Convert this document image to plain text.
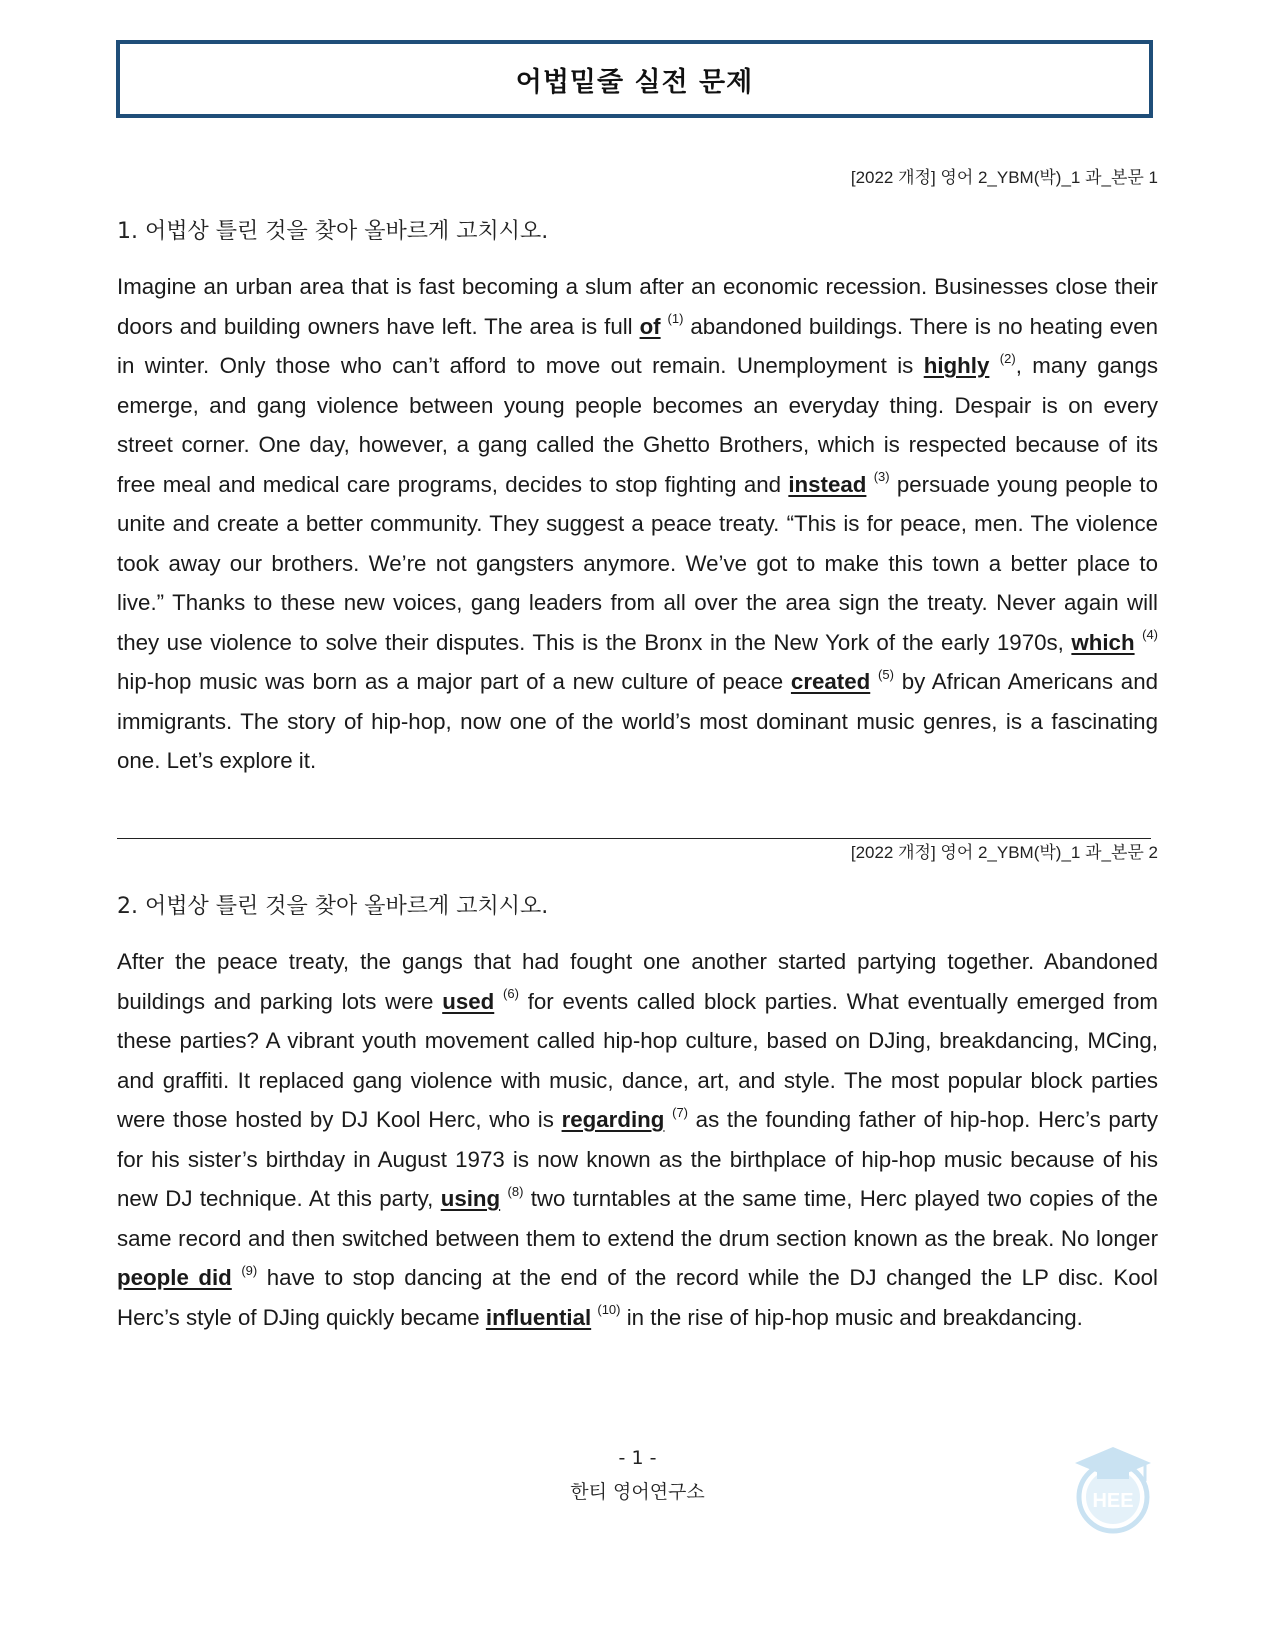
어법밑줄 실전 문제
[2022 개정] 영어 2_YBM(박)_1 과_본문 1
1. 어법상 틀린 것을 찾아 올바르게 고치시오.
Imagine an urban area that is fast becoming a slum after an economic recession. Businesses close their doors and building owners have left. The area is full of $^{(1)}$ abandoned buildings. There is no heating even in winter. Only those who can’t afford to move out remain. Unemployment is highly $^{(2)}$, many gangs emerge, and gang violence between young people becomes an everyday thing. Despair is on every street corner. One day, however, a gang called the Ghetto Brothers, which is respected because of its free meal and medical care programs, decides to stop fighting and instead $^{(3)}$ persuade young people to unite and create a better community. They suggest a peace treaty. “This is for peace, men. The violence took away our brothers. We’re not gangsters anymore. We’ve got to make this town a better place to live.” Thanks to these new voices, gang leaders from all over the area sign the treaty. Never again will they use violence to solve their disputes. This is the Bronx in the New York of the early 1970s, which $^{(4)}$ hip-hop music was born as a major part of a new culture of peace created $^{(5)}$ by African Americans and immigrants. The story of hip-hop, now one of the world’s most dominant music genres, is a fascinating one. Let’s explore it.
[2022 개정] 영어 2_YBM(박)_1 과_본문 2
2. 어법상 틀린 것을 찾아 올바르게 고치시오.
After the peace treaty, the gangs that had fought one another started partying together. Abandoned buildings and parking lots were used $^{(6)}$ for events called block parties. What eventually emerged from these parties? A vibrant youth movement called hip-hop culture, based on DJing, breakdancing, MCing, and graffiti. It replaced gang violence with music, dance, art, and style. The most popular block parties were those hosted by DJ Kool Herc, who is regarding $^{(7)}$ as the founding father of hip-hop. Herc’s party for his sister’s birthday in August 1973 is now known as the birthplace of hip-hop music because of his new DJ technique. At this party, using $^{(8)}$ two turntables at the same time, Herc played two copies of the same record and then switched between them to extend the drum section known as the break. No longer people did $^{(9)}$ have to stop dancing at the end of the record while the DJ changed the LP disc. Kool Herc’s style of DJing quickly became influential $^{(10)}$ in the rise of hip-hop music and breakdancing.
HEE
- 1 -
한티 영어연구소
